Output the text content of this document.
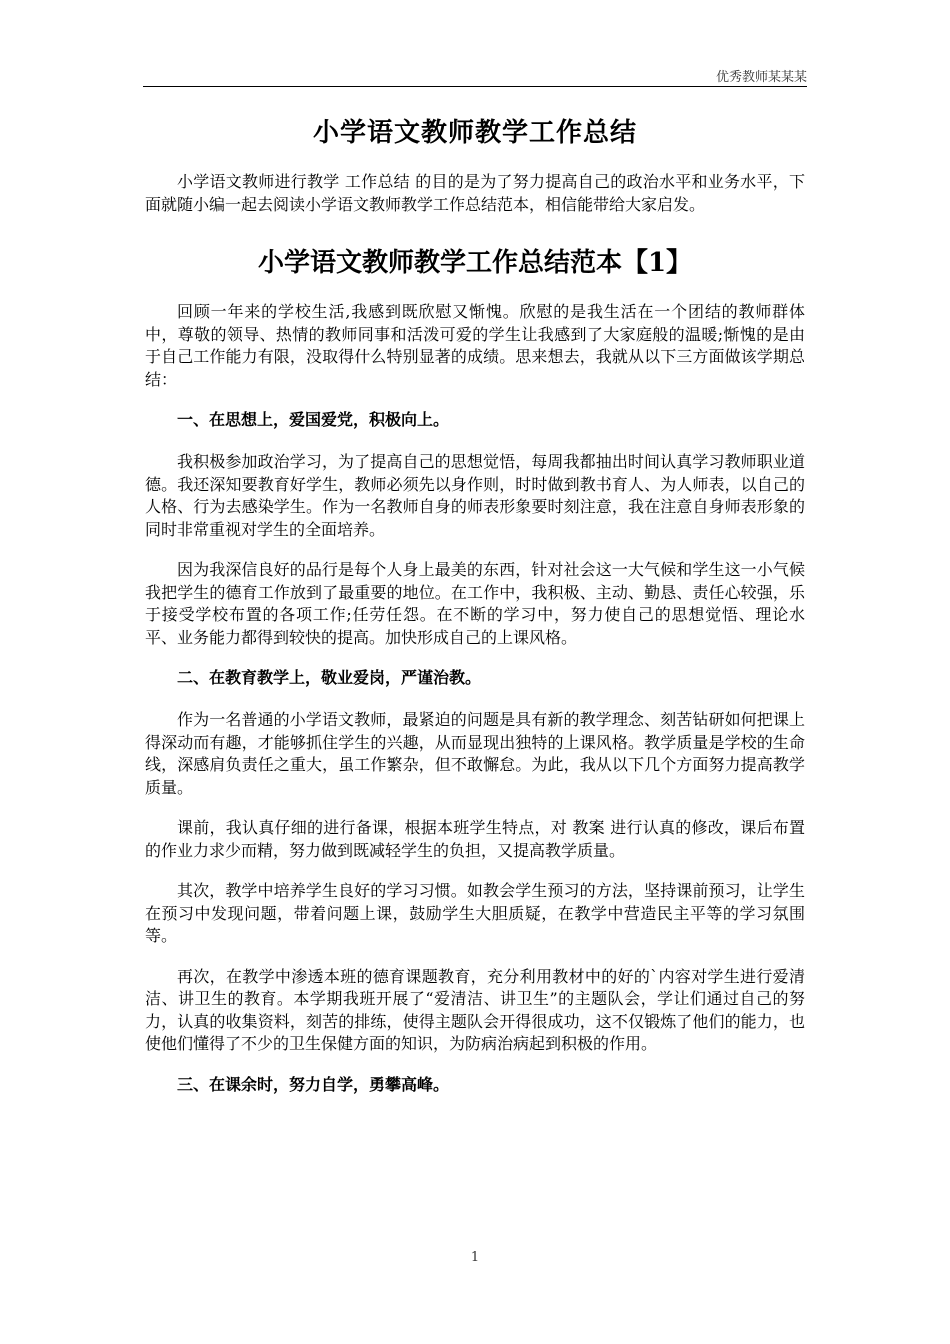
优秀教师某某某
小学语文教师教学工作总结

小学语文教师进行教学 工作总结 的目的是为了努力提高自己的政治水平和业务水平，下面就随小编一起去阅读小学语文教师教学工作总结范本，相信能带给大家启发。

小学语文教师教学工作总结范本【1】

回顾一年来的学校生活,我感到既欣慰又惭愧。欣慰的是我生活在一个团结的教师群体中，尊敬的领导、热情的教师同事和活泼可爱的学生让我感到了大家庭般的温暖;惭愧的是由于自己工作能力有限，没取得什么特别显著的成绩。思来想去，我就从以下三方面做该学期总结：

一、在思想上，爱国爱党，积极向上。

我积极参加政治学习，为了提高自己的思想觉悟，每周我都抽出时间认真学习教师职业道德。我还深知要教育好学生，教师必须先以身作则，时时做到教书育人、为人师表，以自己的人格、行为去感染学生。作为一名教师自身的师表形象要时刻注意，我在注意自身师表形象的同时非常重视对学生的全面培养。

因为我深信良好的品行是每个人身上最美的东西，针对社会这一大气候和学生这一小气候我把学生的德育工作放到了最重要的地位。在工作中，我积极、主动、勤恳、责任心较强，乐于接受学校布置的各项工作;任劳任怨。在不断的学习中，努力使自己的思想觉悟、理论水平、业务能力都得到较快的提高。加快形成自己的上课风格。

二、在教育教学上，敬业爱岗，严谨治教。

作为一名普通的小学语文教师，最紧迫的问题是具有新的教学理念、刻苦钻研如何把课上得深动而有趣，才能够抓住学生的兴趣，从而显现出独特的上课风格。教学质量是学校的生命线，深感肩负责任之重大，虽工作繁杂，但不敢懈怠。为此，我从以下几个方面努力提高教学质量。

课前，我认真仔细的进行备课，根据本班学生特点，对 教案 进行认真的修改，课后布置的作业力求少而精，努力做到既减轻学生的负担，又提高教学质量。

其次，教学中培养学生良好的学习习惯。如教会学生预习的方法，坚持课前预习，让学生在预习中发现问题，带着问题上课，鼓励学生大胆质疑，在教学中营造民主平等的学习氛围等。

再次，在教学中渗透本班的德育课题教育，充分利用教材中的好的`内容对学生进行爱清洁、讲卫生的教育。本学期我班开展了“爱清洁、讲卫生”的主题队会，学让们通过自己的努力，认真的收集资料，刻苦的排练，使得主题队会开得很成功，这不仅锻炼了他们的能力，也使他们懂得了不少的卫生保健方面的知识，为防病治病起到积极的作用。

三、在课余时，努力自学，勇攀高峰。

1
